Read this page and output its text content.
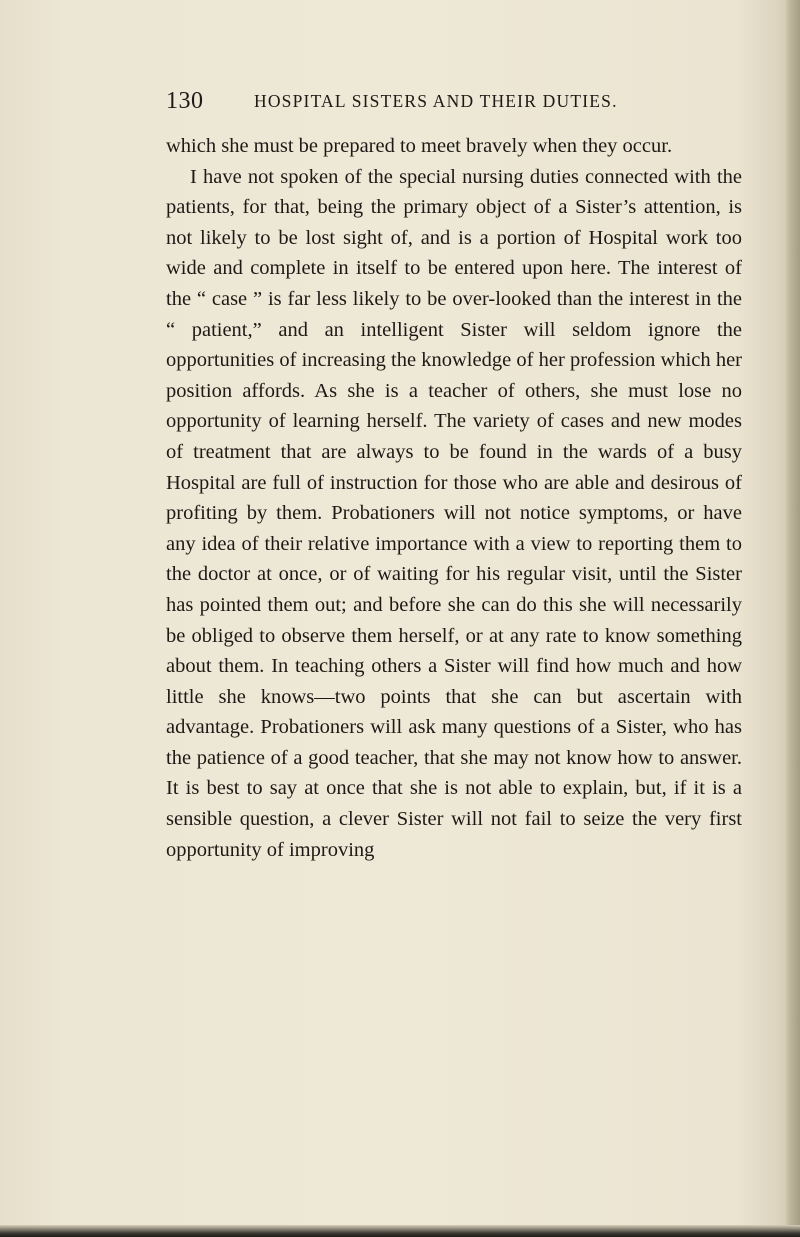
130	HOSPITAL SISTERS AND THEIR DUTIES.

which she must be prepared to meet bravely when they occur.

I have not spoken of the special nursing duties connected with the patients, for that, being the primary object of a Sister’s attention, is not likely to be lost sight of, and is a portion of Hospital work too wide and complete in itself to be entered upon here. The interest of the “ case ” is far less likely to be over-looked than the interest in the “ patient,” and an intelligent Sister will seldom ignore the opportunities of increasing the knowledge of her profession which her position affords. As she is a teacher of others, she must lose no opportunity of learning herself. The variety of cases and new modes of treatment that are always to be found in the wards of a busy Hospital are full of instruction for those who are able and desirous of profiting by them. Probationers will not notice symptoms, or have any idea of their relative importance with a view to reporting them to the doctor at once, or of waiting for his regular visit, until the Sister has pointed them out; and before she can do this she will necessarily be obliged to observe them herself, or at any rate to know something about them. In teaching others a Sister will find how much and how little she knows—two points that she can but ascertain with advantage. Probationers will ask many questions of a Sister, who has the patience of a good teacher, that she may not know how to answer. It is best to say at once that she is not able to explain, but, if it is a sensible question, a clever Sister will not fail to seize the very first opportunity of improving
